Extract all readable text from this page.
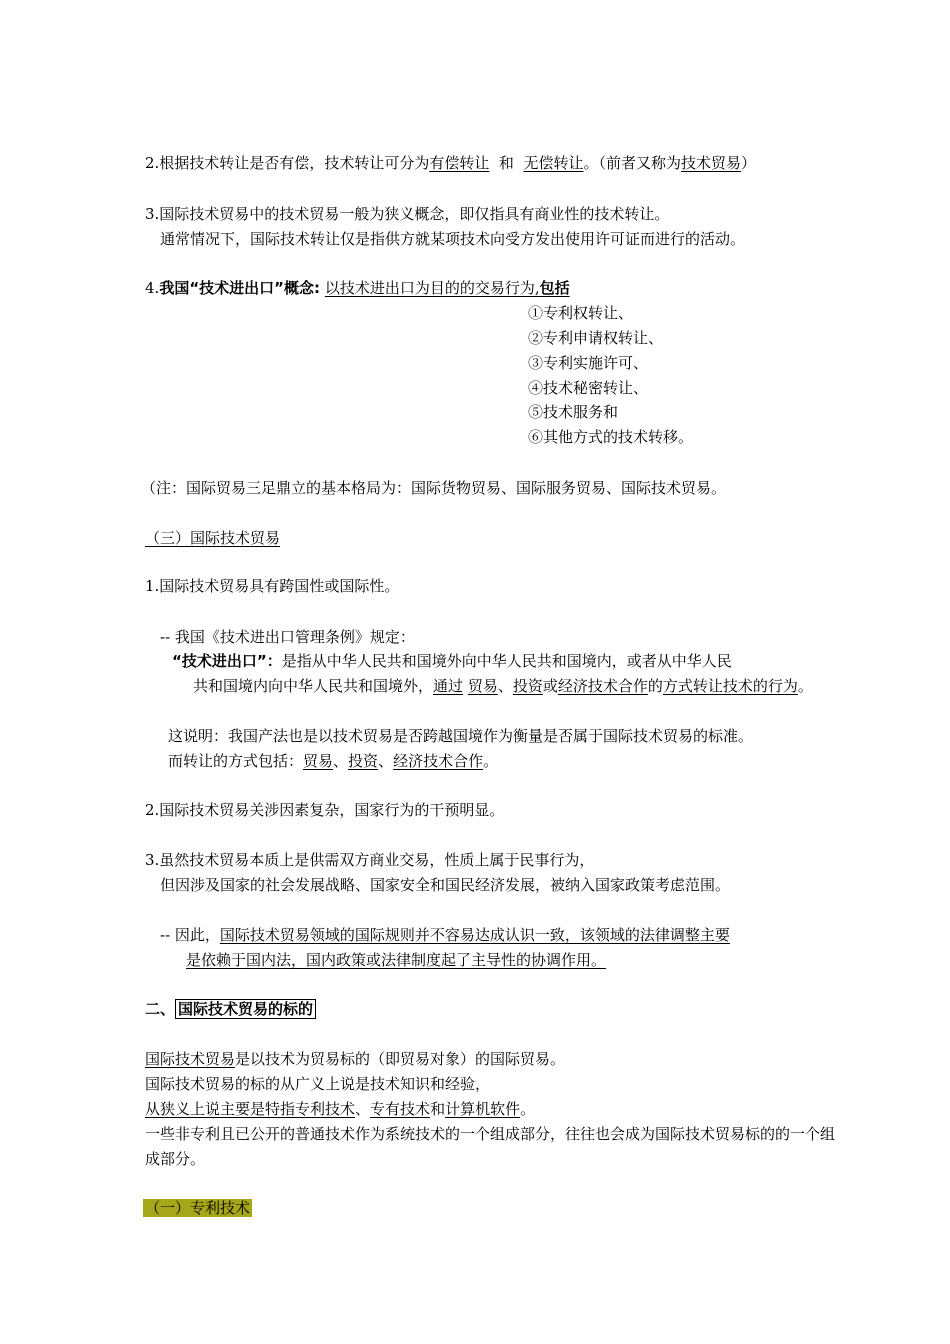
2.根据技术转让是否有偿，技术转让可分为有偿转让 和 无偿转让。（前者又称为技术贸易）
3.国际技术贸易中的技术贸易一般为狭义概念，即仅指具有商业性的技术转让。
通常情况下，国际技术转让仅是指供方就某项技术向受方发出使用许可证而进行的活动。
4.我国“技术进出口”概念: 以技术进出口为目的的交易行为,包括
①专利权转让、
②专利申请权转让、
③专利实施许可、
④技术秘密转让、
⑤技术服务和
⑥其他方式的技术转移。
（注：国际贸易三足鼎立的基本格局为：国际货物贸易、国际服务贸易、国际技术贸易。
（三）国际技术贸易
1.国际技术贸易具有跨国性或国际性。
-- 我国《技术进出口管理条例》规定：
“技术进出口”：是指从中华人民共和国境外向中华人民共和国境内，或者从中华人民
共和国境内向中华人民共和国境外，通过 贸易、投资或经济技术合作的方式转让技术的行为。
这说明：我国产法也是以技术贸易是否跨越国境作为衡量是否属于国际技术贸易的标准。
而转让的方式包括：贸易、投资、经济技术合作。
2.国际技术贸易关涉因素复杂，国家行为的干预明显。
3.虽然技术贸易本质上是供需双方商业交易，性质上属于民事行为，
但因涉及国家的社会发展战略、国家安全和国民经济发展，被纳入国家政策考虑范围。
-- 因此，国际技术贸易领域的国际规则并不容易达成认识一致，该领域的法律调整主要
是依赖于国内法，国内政策或法律制度起了主导性的协调作用。
二、 国际技术贸易的标的
国际技术贸易是以技术为贸易标的（即贸易对象）的国际贸易。
国际技术贸易的标的从广义上说是技术知识和经验，
从狭义上说主要是特指专利技术、专有技术和计算机软件。
一些非专利且已公开的普通技术作为系统技术的一个组成部分，往往也会成为国际技术贸易标的的一个组
成部分。
（一）专利技术
